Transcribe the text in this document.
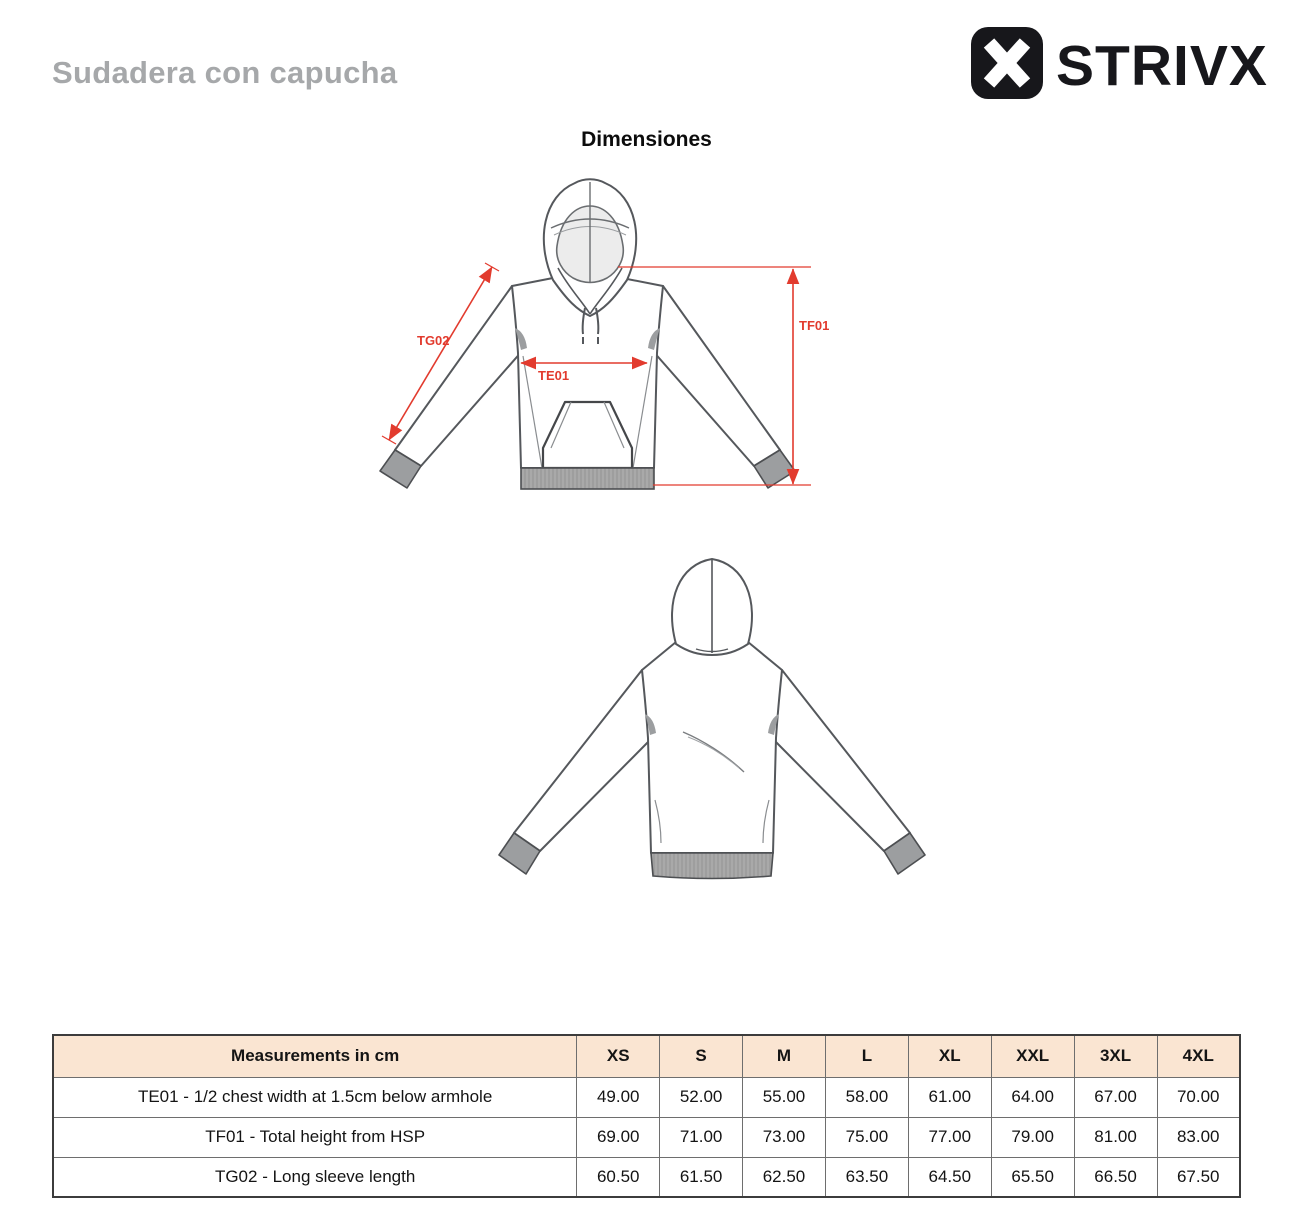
Sudadera con capucha	STRIVX
Dimensiones
TG02
TE01
TF01
Measurements in cm	XS	S	M	L	XL	XXL	3XL	4XL
TE01 - 1/2 chest width at 1.5cm below armhole	49.00	52.00	55.00	58.00	61.00	64.00	67.00	70.00
TF01 - Total height from HSP	69.00	71.00	73.00	75.00	77.00	79.00	81.00	83.00
TG02 - Long sleeve length	60.50	61.50	62.50	63.50	64.50	65.50	66.50	67.50
